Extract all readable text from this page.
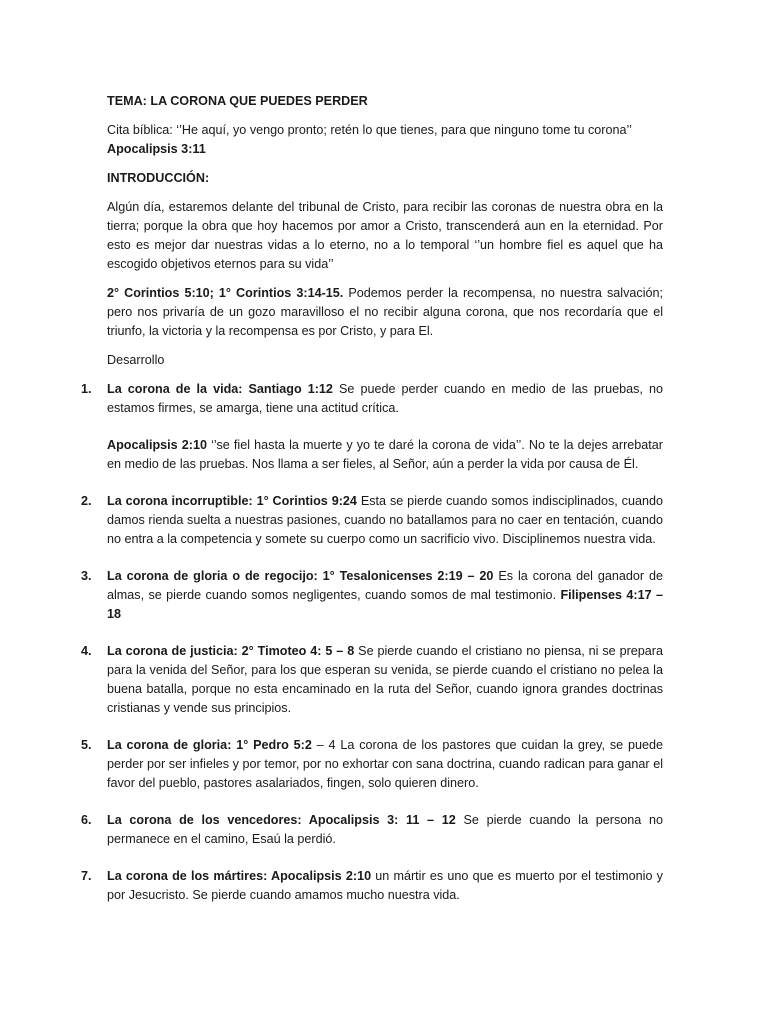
TEMA: LA CORONA QUE PUEDES PERDER

Cita bíblica: ‘’He aquí, yo vengo pronto; retén lo que tienes, para que ninguno tome tu corona’’
Apocalipsis 3:11

INTRODUCCIÓN:

Algún día, estaremos delante del tribunal de Cristo, para recibir las coronas de nuestra obra en la tierra; porque la obra que hoy hacemos por amor a Cristo, transcenderá aun en la eternidad. Por esto es mejor dar nuestras vidas a lo eterno, no a lo temporal ‘’un hombre fiel es aquel que ha escogido objetivos eternos para su vida’’

2° Corintios 5:10; 1° Corintios 3:14-15. Podemos perder la recompensa, no nuestra salvación; pero nos privaría de un gozo maravilloso el no recibir alguna corona, que nos recordaría que el triunfo, la victoria y la recompensa es por Cristo, y para El.

Desarrollo

1. La corona de la vida: Santiago 1:12 Se puede perder cuando en medio de las pruebas, no estamos firmes, se amarga, tiene una actitud crítica.

Apocalipsis 2:10 ‘’se fiel hasta la muerte y yo te daré la corona de vida’’. No te la dejes arrebatar en medio de las pruebas. Nos llama a ser fieles, al Señor, aún a perder la vida por causa de Él.

2. La corona incorruptible: 1° Corintios 9:24 Esta se pierde cuando somos indisciplinados, cuando damos rienda suelta a nuestras pasiones, cuando no batallamos para no caer en tentación, cuando no entra a la competencia y somete su cuerpo como un sacrificio vivo. Disciplinemos nuestra vida.

3. La corona de gloria o de regocijo: 1° Tesalonicenses 2:19 – 20 Es la corona del ganador de almas, se pierde cuando somos negligentes, cuando somos de mal testimonio. Filipenses 4:17 – 18

4. La corona de justicia: 2° Timoteo 4: 5 – 8 Se pierde cuando el cristiano no piensa, ni se prepara para la venida del Señor, para los que esperan su venida, se pierde cuando el cristiano no pelea la buena batalla, porque no esta encaminado en la ruta del Señor, cuando ignora grandes doctrinas cristianas y vende sus principios.

5. La corona de gloria: 1° Pedro 5:2 – 4 La corona de los pastores que cuidan la grey, se puede perder por ser infieles y por temor, por no exhortar con sana doctrina, cuando radican para ganar el favor del pueblo, pastores asalariados, fingen, solo quieren dinero.

6. La corona de los vencedores: Apocalipsis 3: 11 – 12 Se pierde cuando la persona no permanece en el camino, Esaú la perdió.

7. La corona de los mártires: Apocalipsis 2:10 un mártir es uno que es muerto por el testimonio y por Jesucristo. Se pierde cuando amamos mucho nuestra vida.
